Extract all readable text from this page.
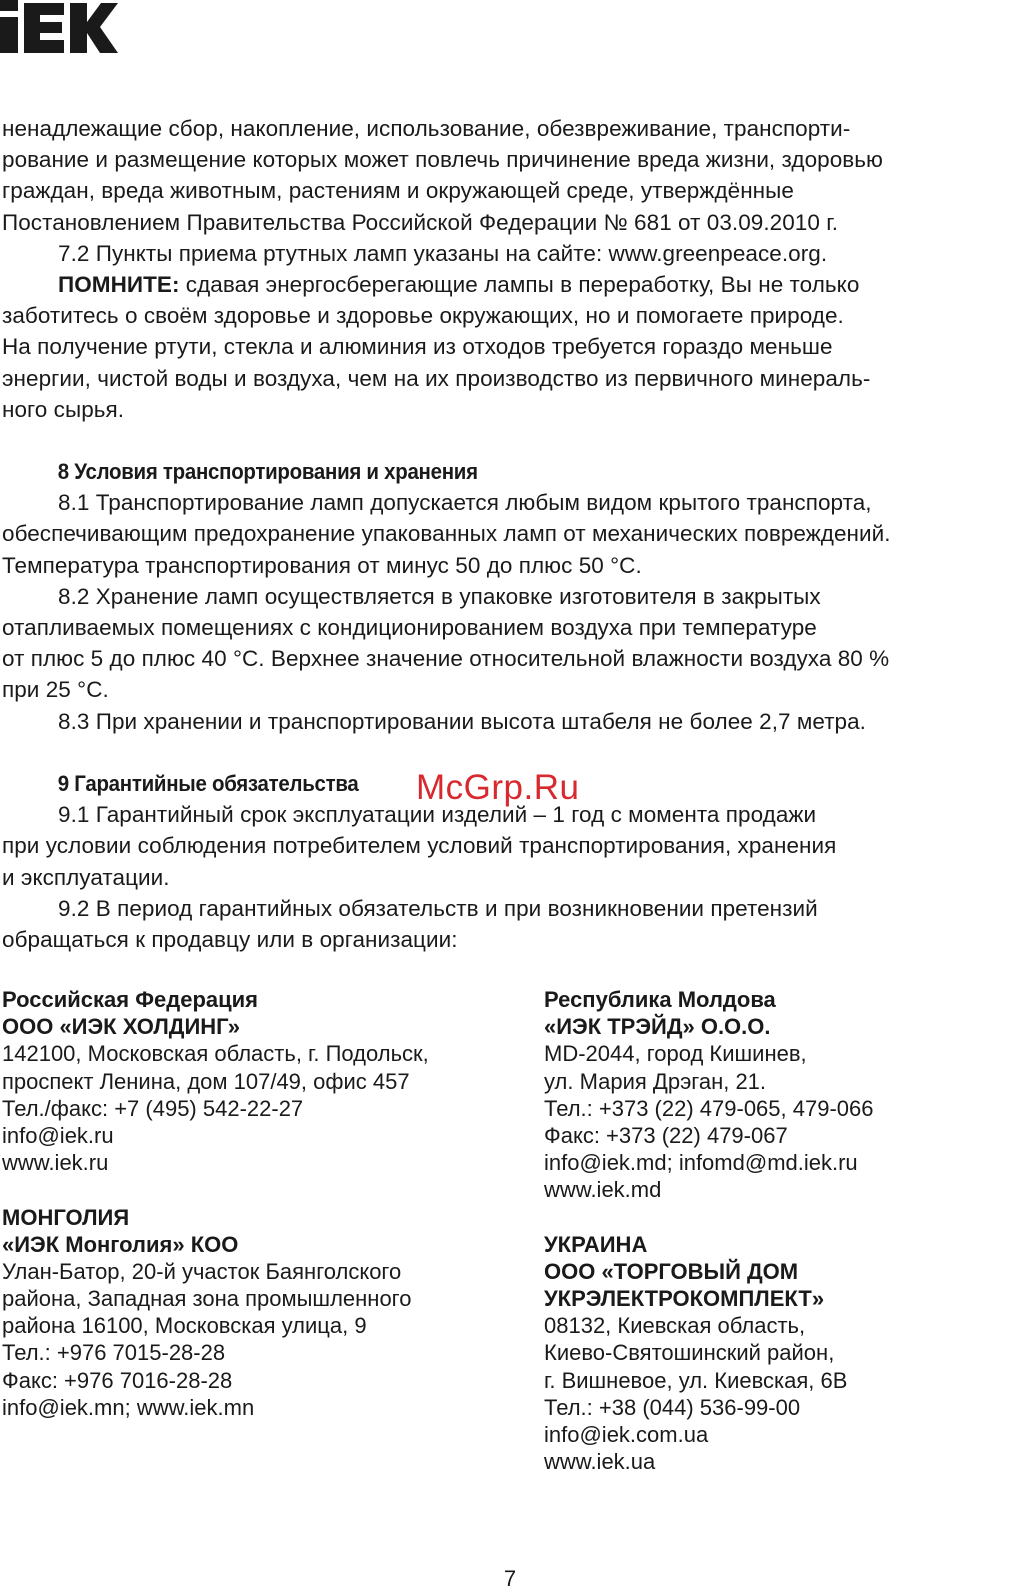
ненадлежащие сбор, накопление, использование, обезвреживание, транспорти-
рование и размещение которых может повлечь причинение вреда жизни, здоровью
граждан, вреда животным, растениям и окружающей среде, утверждённые
Постановлением Правительства Российской Федерации № 681 от 03.09.2010 г.
7.2 Пункты приема ртутных ламп указаны на сайте: www.greenpeace.org.
ПОМНИТЕ: сдавая энергосберегающие лампы в переработку, Вы не только
заботитесь о своём здоровье и здоровье окружающих, но и помогаете природе.
На получение ртути, стекла и алюминия из отходов требуется гораздо меньше
энергии, чистой воды и воздуха, чем на их производство из первичного минераль-
ного сырья.
8 Условия транспортирования и хранения
8.1 Транспортирование ламп допускается любым видом крытого транспорта,
обеспечивающим предохранение упакованных ламп от механических повреждений.
Температура транспортирования от минус 50 до плюс 50 °С.
8.2 Хранение ламп осуществляется в упаковке изготовителя в закрытых
отапливаемых помещениях с кондиционированием воздуха при температуре
от плюс 5 до плюс 40 °С. Верхнее значение относительной влажности воздуха 80 %
при 25 °С.
8.3 При хранении и транспортировании высота штабеля не более 2,7 метра.
9 Гарантийные обязательства
9.1 Гарантийный срок эксплуатации изделий – 1 год с момента продажи
при условии соблюдения потребителем условий транспортирования, хранения
и эксплуатации.
9.2 В период гарантийных обязательств и при возникновении претензий
обращаться к продавцу или в организации:
Российская Федерация
ООО «ИЭК ХОЛДИНГ»
142100, Московская область, г. Подольск,
проспект Ленина, дом 107/49, офис 457
Тел./факс: +7 (495) 542-22-27
info@iek.ru
www.iek.ru
МОНГОЛИЯ
«ИЭК Монголия» КОО
Улан-Батор, 20-й участок Баянголского
района, Западная зона промышленного
района 16100, Московская улица, 9
Тел.: +976 7015-28-28
Факс: +976 7016-28-28
info@iek.mn; www.iek.mn
Республика Молдова
«ИЭК ТРЭЙД» О.О.О.
MD-2044, город Кишинев,
ул. Мария Дрэган, 21.
Тел.: +373 (22) 479-065, 479-066
Факс: +373 (22) 479-067
info@iek.md; infomd@md.iek.ru
www.iek.md
УКРАИНА
ООО «ТОРГОВЫЙ ДОМ
УКРЭЛЕКТРОКОМПЛЕКТ»
08132, Киевская область,
Киево-Святошинский район,
г. Вишневое, ул. Киевская, 6В
Тел.: +38 (044) 536-99-00
info@iek.com.ua
www.iek.ua
McGrp.Ru
7
